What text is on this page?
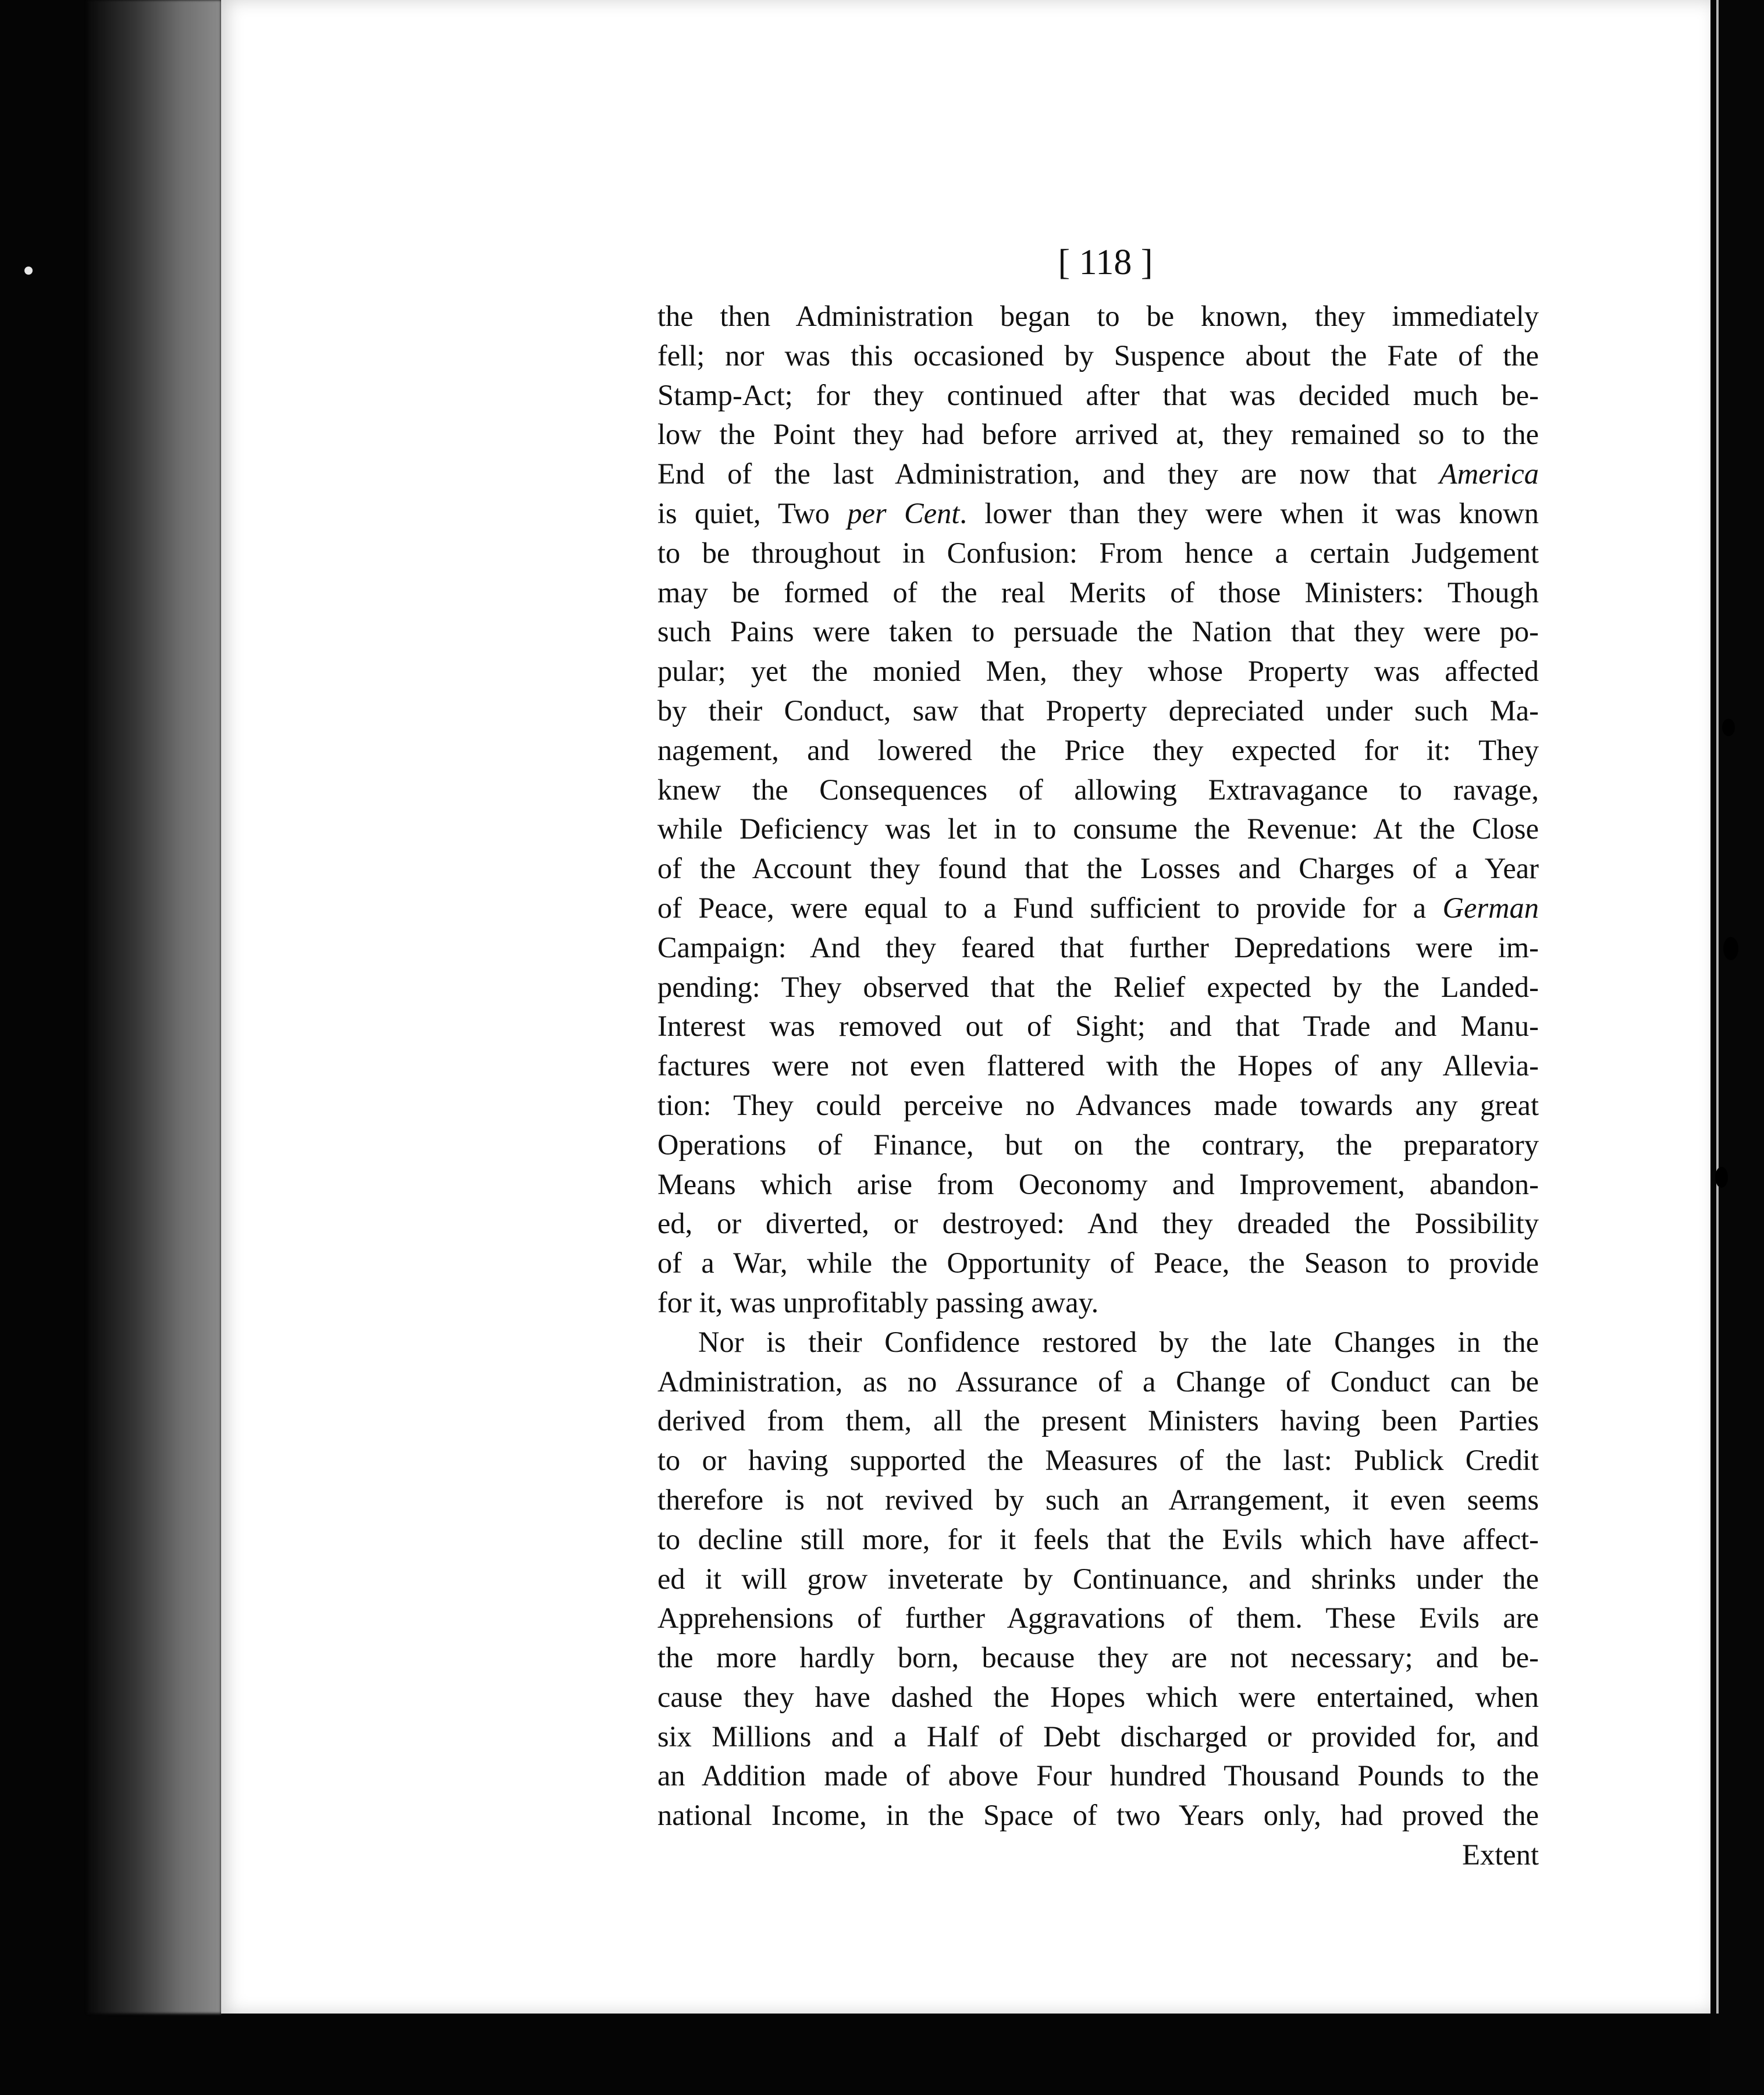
[ 118 ]
the then Administration began to be known, they immediately
fell; nor was this occasioned by Suspence about the Fate of the
Stamp-Act; for they continued after that was decided much be-
low the Point they had before arrived at, they remained so to the
End of the last Administration, and they are now that America
is quiet, Two per Cent. lower than they were when it was known
to be throughout in Confusion: From hence a certain Judgement
may be formed of the real Merits of those Ministers: Though
such Pains were taken to persuade the Nation that they were po-
pular; yet the monied Men, they whose Property was affected
by their Conduct, saw that Property depreciated under such Ma-
nagement, and lowered the Price they expected for it: They
knew the Consequences of allowing Extravagance to ravage,
while Deficiency was let in to consume the Revenue: At the Close
of the Account they found that the Losses and Charges of a Year
of Peace, were equal to a Fund sufficient to provide for a German
Campaign: And they feared that further Depredations were im-
pending: They observed that the Relief expected by the Landed-
Interest was removed out of Sight; and that Trade and Manu-
factures were not even flattered with the Hopes of any Allevia-
tion: They could perceive no Advances made towards any great
Operations of Finance, but on the contrary, the preparatory
Means which arise from Oeconomy and Improvement, abandon-
ed, or diverted, or destroyed: And they dreaded the Possibility
of a War, while the Opportunity of Peace, the Season to provide
for it, was unprofitably passing away.
Nor is their Confidence restored by the late Changes in the
Administration, as no Assurance of a Change of Conduct can be
derived from them, all the present Ministers having been Parties
to or having supported the Measures of the last: Publick Credit
therefore is not revived by such an Arrangement, it even seems
to decline still more, for it feels that the Evils which have affect-
ed it will grow inveterate by Continuance, and shrinks under the
Apprehensions of further Aggravations of them. These Evils are
the more hardly born, because they are not necessary; and be-
cause they have dashed the Hopes which were entertained, when
six Millions and a Half of Debt discharged or provided for, and
an Addition made of above Four hundred Thousand Pounds to the
national Income, in the Space of two Years only, had proved the
Extent
